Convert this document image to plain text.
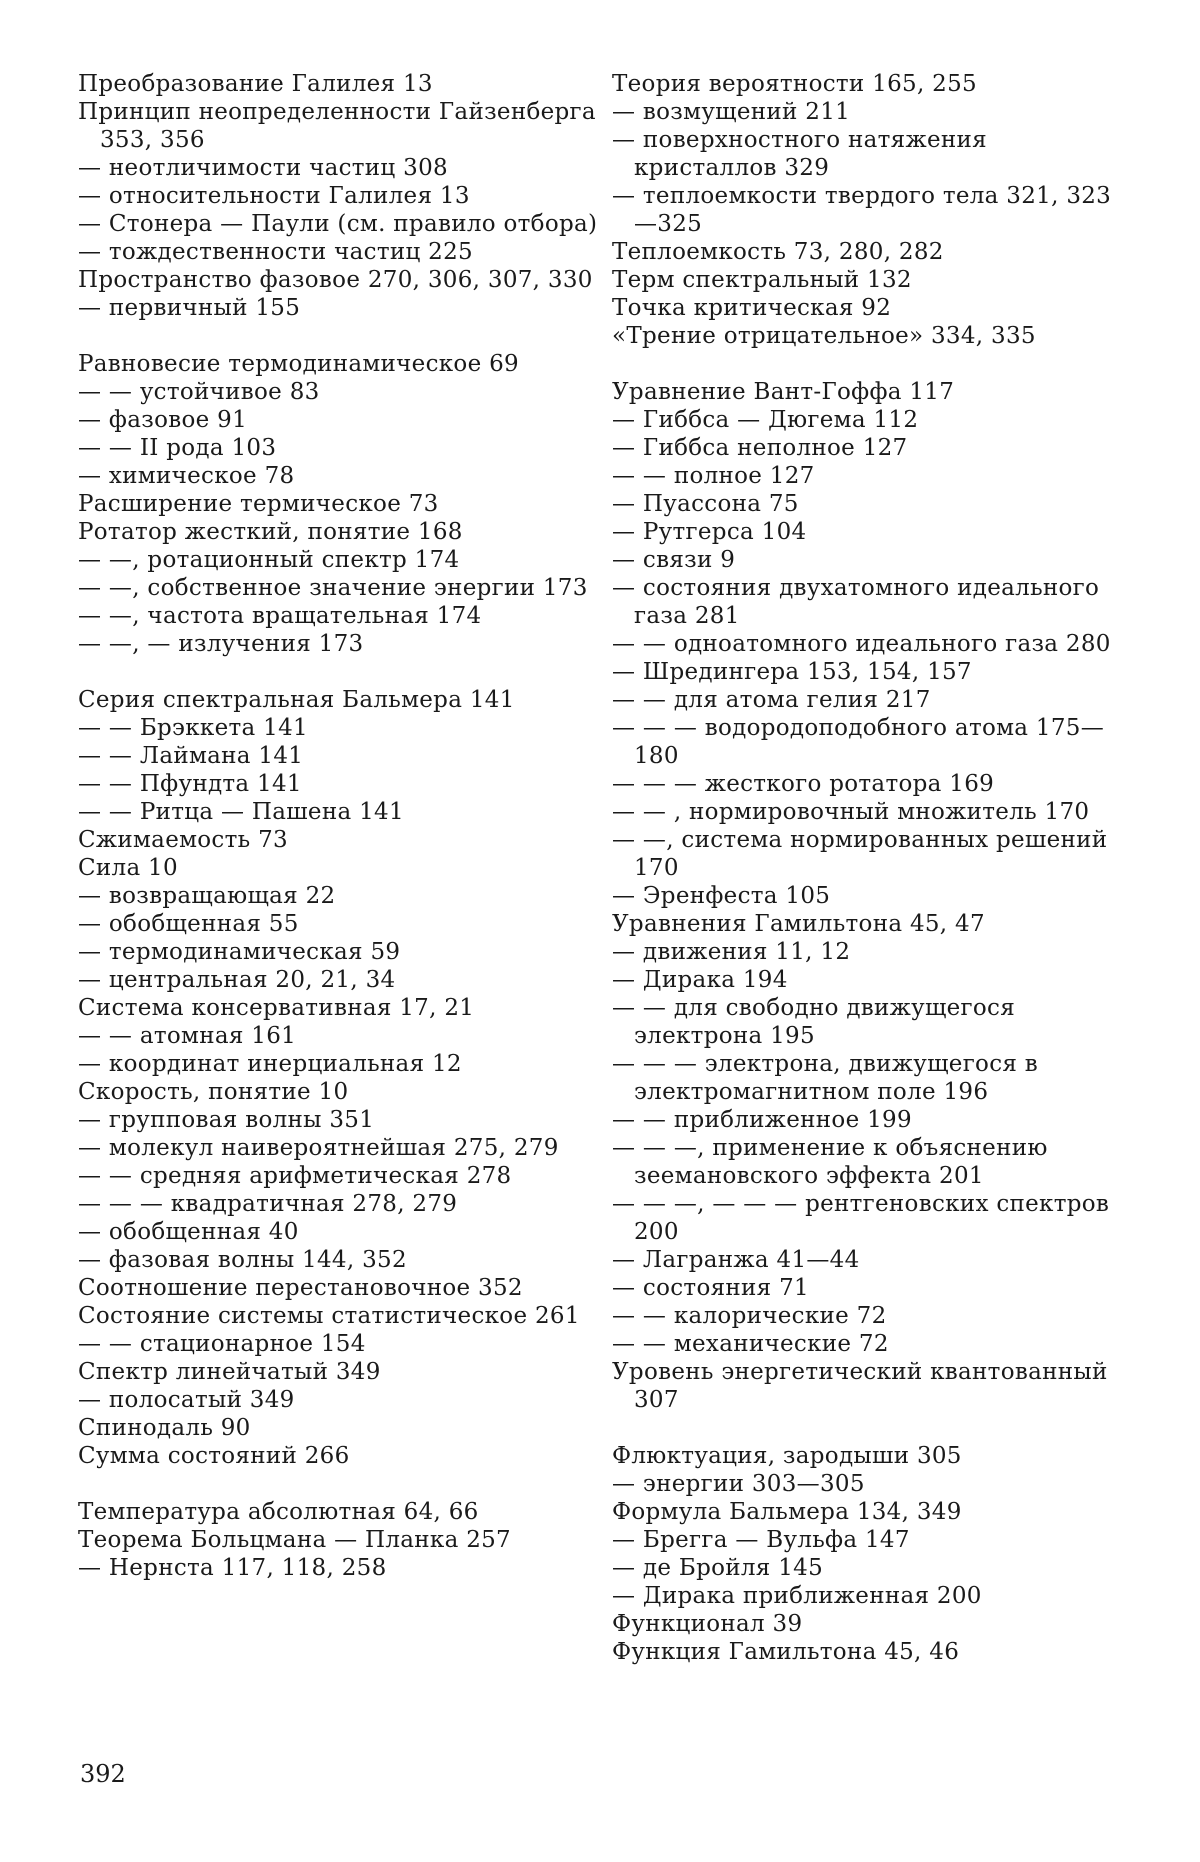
Преобразование Галилея 13

Принцип неопределенности Гайзенберга 353, 356

— неотличимости частиц 308

— относительности Галилея 13

— Стонера — Паули (см. правило отбора)

— тождественности частиц 225

Пространство фазовое 270, 306, 307, 330

— первичный 155

Равновесие термодинамическое 69

— — устойчивое 83

— фазовое 91

— — II рода 103

— химическое 78

Расширение термическое 73

Ротатор жесткий, понятие 168

— —, ротационный спектр 174

— —, собственное значение энергии 173

— —, частота вращательная 174

— —, — излучения 173

Серия спектральная Бальмера 141

— — Брэккета 141

— — Лаймана 141

— — Пфундта 141

— — Ритца — Пашена 141

Сжимаемость 73

Сила 10

— возвращающая 22

— обобщенная 55

— термодинамическая 59

— центральная 20, 21, 34

Система консервативная 17, 21

— — атомная 161

— координат инерциальная 12

Скорость, понятие 10

— групповая волны 351

— молекул наивероятнейшая 275, 279

— — средняя арифметическая 278

— — — квадратичная 278, 279

— обобщенная 40

— фазовая волны 144, 352

Соотношение перестановочное 352

Состояние системы статистическое 261

— — стационарное 154

Спектр линейчатый 349

— полосатый 349

Спинодаль 90

Сумма состояний 266

Температура абсолютная 64, 66

Теорема Больцмана — Планка 257

— Нернста 117, 118, 258

Теория вероятности 165, 255

— возмущений 211

— поверхностного натяжения кристаллов 329

— теплоемкости твердого тела 321, 323—325

Теплоемкость 73, 280, 282

Терм спектральный 132

Точка критическая 92

«Трение отрицательное» 334, 335

Уравнение Вант-Гоффа 117

— Гиббса — Дюгема 112

— Гиббса неполное 127

— — полное 127

— Пуассона 75

— Рутгерса 104

— связи 9

— состояния двухатомного идеального газа 281

— — одноатомного идеального газа 280

— Шредингера 153, 154, 157

— — для атома гелия 217

— — — водородоподобного атома 175—180

— — — жесткого ротатора 169

— — , нормировочный множитель 170

— —, система нормированных решений 170

— Эренфеста 105

Уравнения Гамильтона 45, 47

— движения 11, 12

— Дирака 194

— — для свободно движущегося электрона 195

— — — электрона, движущегося в электромагнитном поле 196

— — приближенное 199

— — —, применение к объяснению зеемановского эффекта 201

— — —, — — — рентгеновских спектров 200

— Лагранжа 41—44

— состояния 71

— — калорические 72

— — механические 72

Уровень энергетический квантованный 307

Флюктуация, зародыши 305

— энергии 303—305

Формула Бальмера 134, 349

— Брегга — Вульфа 147

— де Бройля 145

— Дирака приближенная 200

Функционал 39

Функция Гамильтона 45, 46

392
